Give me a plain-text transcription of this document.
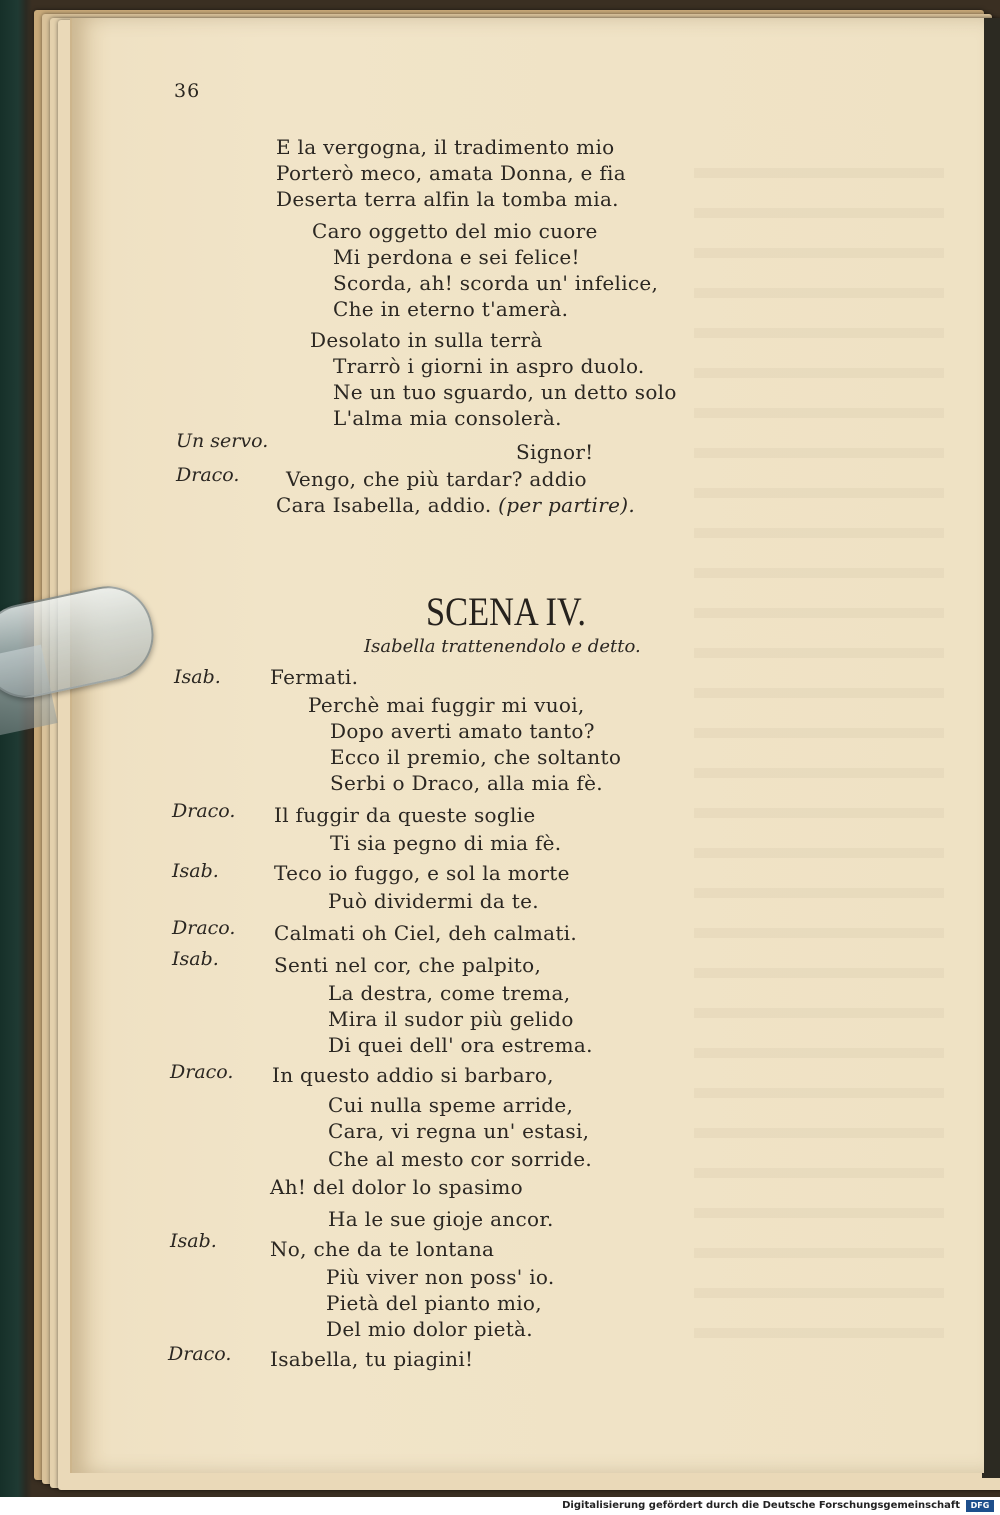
36
E la vergogna, il tradimento mio
Porterò meco, amata Donna, e fia
Deserta terra alfin la tomba mia.
Caro oggetto del mio cuore
Mi perdona e sei felice!
Scorda, ah! scorda un' infelice,
Che in eterno t'amerà.
Desolato in sulla terrà
Trarrò i giorni in aspro duolo.
Ne un tuo sguardo, un detto solo
L'alma mia consolerà.
Un servo.	Signor!
Draco. Vengo, che più tardar? addio
Cara Isabella, addio. (per partire).
SCENA IV.
Isabella trattenendolo e detto.
Isab. Fermati.
Perchè mai fuggir mi vuoi,
Dopo averti amato tanto?
Ecco il premio, che soltanto
Serbi o Draco, alla mia fè.
Draco. Il fuggir da queste soglie
Ti sia pegno di mia fè.
Isab.	Teco io fuggo, e sol la morte
Può dividermi da te.
Draco. Calmati oh Ciel, deh calmati.
Isab.	Senti nel cor, che palpito,
La destra, come trema,
Mira il sudor più gelido
Di quei dell' ora estrema.
Draco. In questo addio si barbaro,
Cui nulla speme arride,
Cara, vi regna un' estasi,
Che al mesto cor sorride.
Ah! del dolor lo spasimo
Ha le sue gioje ancor.
Isab.	No, che da te lontana
Più viver non poss' io.
Pietà del pianto mio,
Del mio dolor pietà.
Draco. Isabella, tu piagini!
Digitalisierung gefördert durch die Deutsche Forschungsgemeinschaft	DFG
